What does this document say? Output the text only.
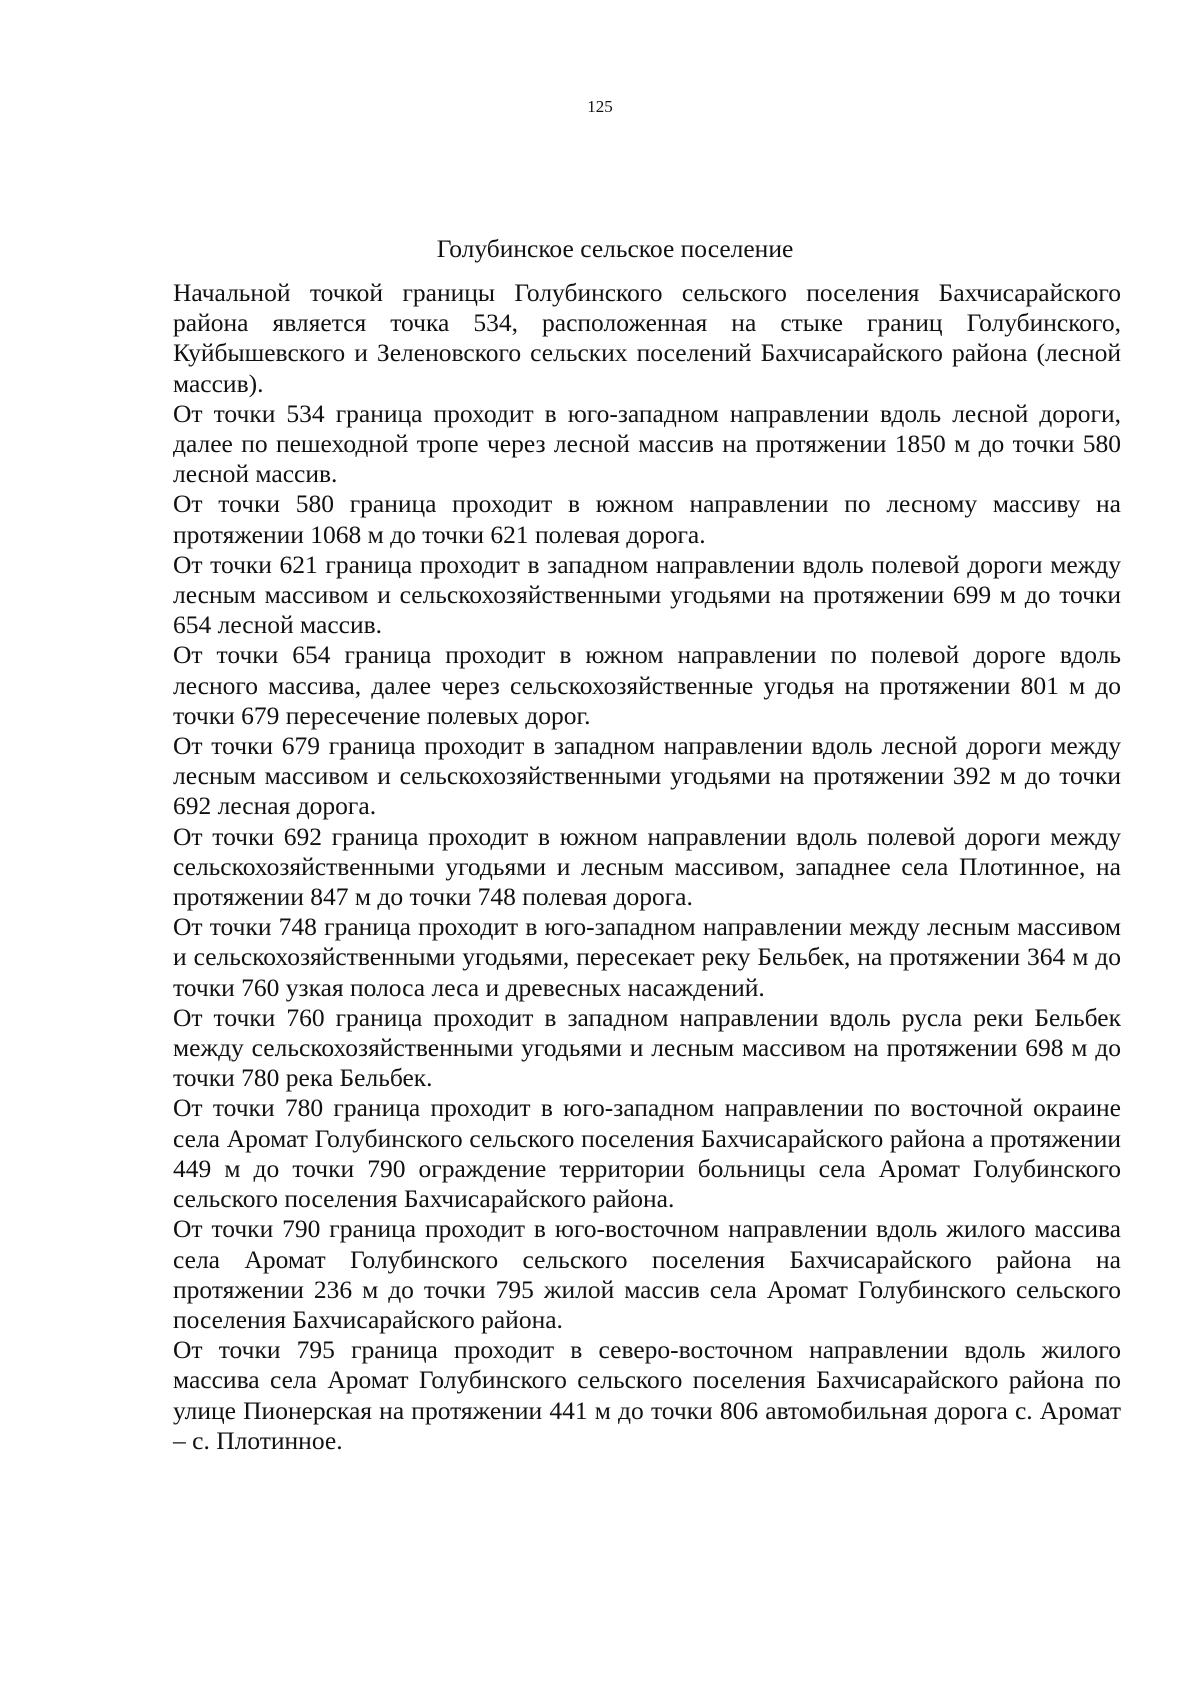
125
Голубинское сельское поселение

Начальной точкой границы Голубинского сельского поселения Бахчисарайского района является точка 534, расположенная на стыке границ Голубинского, Куйбышевского и Зеленовского сельских поселений Бахчисарайского района (лесной массив).

От точки 534 граница проходит в юго-западном направлении вдоль лесной дороги, далее по пешеходной тропе через лесной массив на протяжении 1850 м до точки 580 лесной массив.

От точки 580 граница проходит в южном направлении по лесному массиву на протяжении 1068 м до точки 621 полевая дорога.

От точки 621 граница проходит в западном направлении вдоль полевой дороги между лесным массивом и сельскохозяйственными угодьями на протяжении 699 м до точки 654 лесной массив.

От точки 654 граница проходит в южном направлении по полевой дороге вдоль лесного массива, далее через сельскохозяйственные угодья на протяжении 801 м до точки 679 пересечение полевых дорог.

От точки 679 граница проходит в западном направлении вдоль лесной дороги между лесным массивом и сельскохозяйственными угодьями на протяжении 392 м до точки 692 лесная дорога.

От точки 692 граница проходит в южном направлении вдоль полевой дороги между сельскохозяйственными угодьями и лесным массивом, западнее села Плотинное, на протяжении 847 м до точки 748 полевая дорога.

От точки 748 граница проходит в юго-западном направлении между лесным массивом и сельскохозяйственными угодьями, пересекает реку Бельбек, на протяжении 364 м до точки 760 узкая полоса леса и древесных насаждений.

От точки 760 граница проходит в западном направлении вдоль русла реки Бельбек между сельскохозяйственными угодьями и лесным массивом на протяжении 698 м до точки 780 река Бельбек.

От точки 780 граница проходит в юго-западном направлении по восточной окраине села Аромат Голубинского сельского поселения Бахчисарайского района а протяжении 449 м до точки 790 ограждение территории больницы села Аромат Голубинского сельского поселения Бахчисарайского района.

От точки 790 граница проходит в юго-восточном направлении вдоль жилого массива села Аромат Голубинского сельского поселения Бахчисарайского района на протяжении 236 м до точки 795 жилой массив села Аромат Голубинского сельского поселения Бахчисарайского района.

От точки 795 граница проходит в северо-восточном направлении вдоль жилого массива села Аромат Голубинского сельского поселения Бахчисарайского района по улице Пионерская на протяжении 441 м до точки 806 автомобильная дорога с. Аромат – с. Плотинное.
